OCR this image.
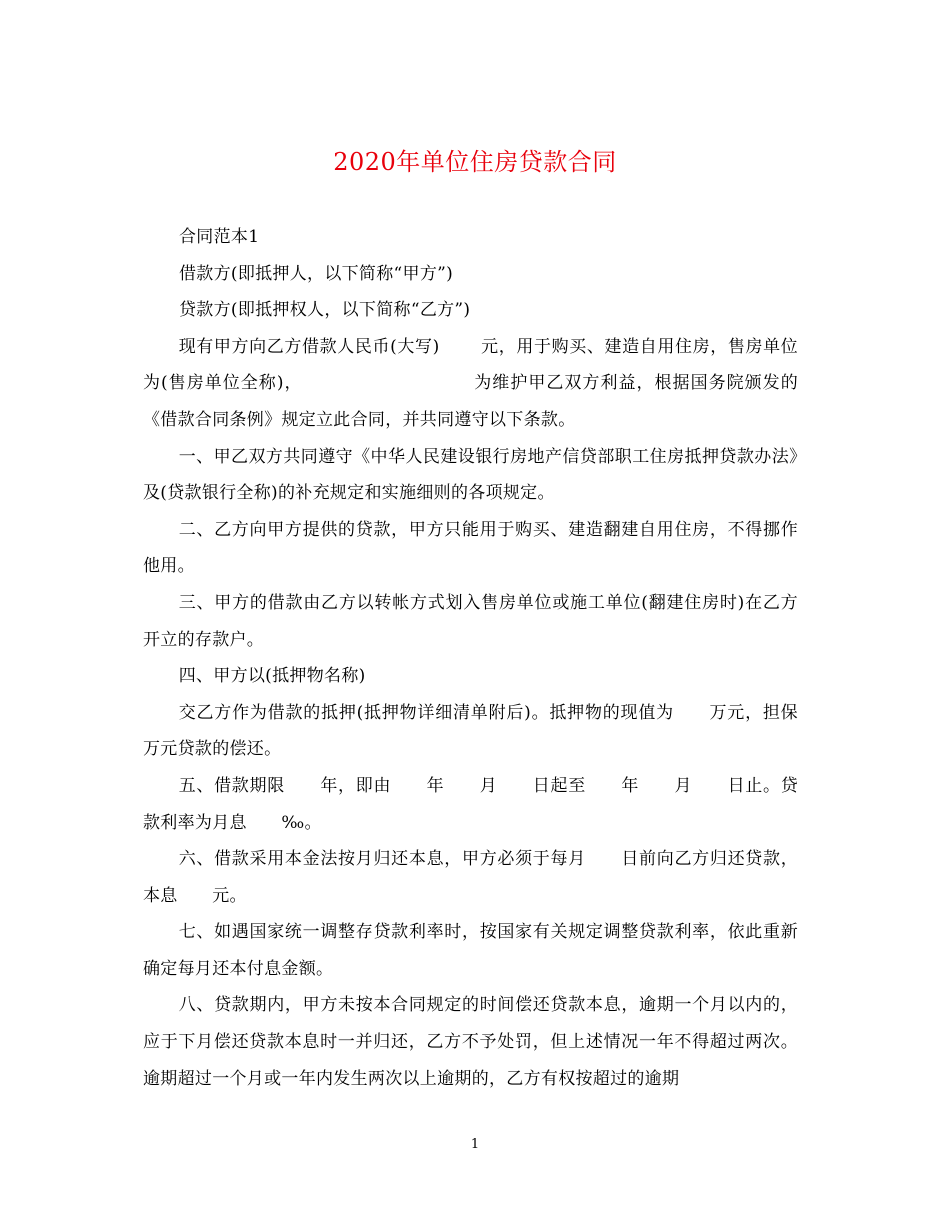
2020年单位住房贷款合同

合同范本1

借款方(即抵押人，以下简称“甲方”)

贷款方(即抵押权人，以下简称“乙方”)

现有甲方向乙方借款人民币(大写)　　 元，用于购买、建造自用住房，售房单位为(售房单位全称)，　　　　　　　　　　为维护甲乙双方利益，根据国务院颁发的《借款合同条例》规定立此合同，并共同遵守以下条款。

一、甲乙双方共同遵守《中华人民建设银行房地产信贷部职工住房抵押贷款办法》及(贷款银行全称)的补充规定和实施细则的各项规定。

二、乙方向甲方提供的贷款，甲方只能用于购买、建造翻建自用住房，不得挪作他用。

三、甲方的借款由乙方以转帐方式划入售房单位或施工单位(翻建住房时)在乙方开立的存款户。

四、甲方以(抵押物名称)

交乙方作为借款的抵押(抵押物详细清单附后)。抵押物的现值为　　万元，担保　　万元贷款的偿还。

五、借款期限　　年，即由　　年　　月　　日起至　　年　　月　　日止。贷款利率为月息　　‰。

六、借款采用本金法按月归还本息，甲方必须于每月　　日前向乙方归还贷款，本息　　元。

七、如遇国家统一调整存贷款利率时，按国家有关规定调整贷款利率，依此重新确定每月还本付息金额。

八、贷款期内，甲方未按本合同规定的时间偿还贷款本息，逾期一个月以内的，应于下月偿还贷款本息时一并归还，乙方不予处罚，但上述情况一年不得超过两次。逾期超过一个月或一年内发生两次以上逾期的，乙方有权按超过的逾期

1
